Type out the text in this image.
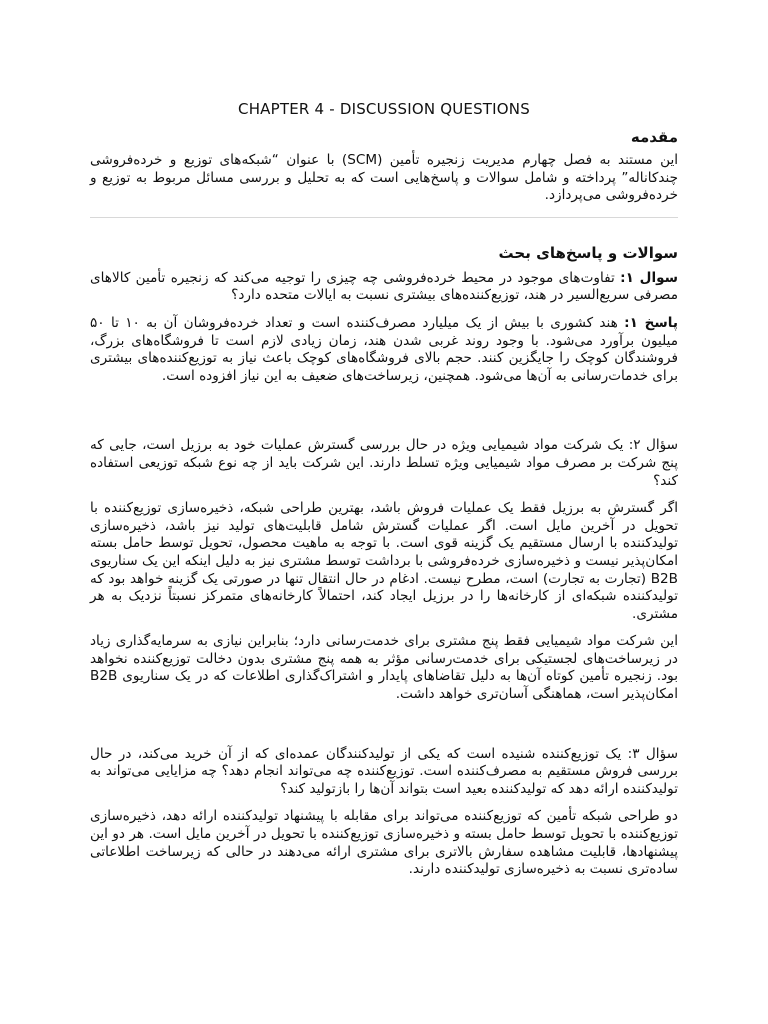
CHAPTER 4 - DISCUSSION QUESTIONS
مقدمه

این مستند به فصل چهارم مدیریت زنجیره تأمین (SCM) با عنوان “شبکه‌های توزیع و خرده‌فروشی چندکاناله” پرداخته و شامل سوالات و پاسخ‌هایی است که به تحلیل و بررسی مسائل مربوط به توزیع و خرده‌فروشی می‌پردازد.

سوالات و پاسخ‌های بحث

سوال ۱: تفاوت‌های موجود در محیط خرده‌فروشی چه چیزی را توجیه می‌کند که زنجیره تأمین کالاهای مصرفی سریع‌السیر در هند، توزیع‌کننده‌های بیشتری نسبت به ایالات متحده دارد؟

پاسخ ۱: هند کشوری با بیش از یک میلیارد مصرف‌کننده است و تعداد خرده‌فروشان آن به ۱۰ تا ۵۰ میلیون برآورد می‌شود. با وجود روند غربی شدن هند، زمان زیادی لازم است تا فروشگاه‌های بزرگ، فروشندگان کوچک را جایگزین کنند. حجم بالای فروشگاه‌های کوچک باعث نیاز به توزیع‌کننده‌های بیشتری برای خدمات‌رسانی به آن‌ها می‌شود. همچنین، زیرساخت‌های ضعیف به این نیاز افزوده است.

سؤال ۲: یک شرکت مواد شیمیایی ویژه در حال بررسی گسترش عملیات خود به برزیل است، جایی که پنج شرکت بر مصرف مواد شیمیایی ویژه تسلط دارند. این شرکت باید از چه نوع شبکه توزیعی استفاده کند؟

اگر گسترش به برزیل فقط یک عملیات فروش باشد، بهترین طراحی شبکه، ذخیره‌سازی توزیع‌کننده با تحویل در آخرین مایل است. اگر عملیات گسترش شامل قابلیت‌های تولید نیز باشد، ذخیره‌سازی تولیدکننده با ارسال مستقیم یک گزینه قوی است. با توجه به ماهیت محصول، تحویل توسط حامل بسته امکان‌پذیر نیست و ذخیره‌سازی خرده‌فروشی با برداشت توسط مشتری نیز به دلیل اینکه این یک سناریوی B2B (تجارت به تجارت) است، مطرح نیست. ادغام در حال انتقال تنها در صورتی یک گزینه خواهد بود که تولیدکننده شبکه‌ای از کارخانه‌ها را در برزیل ایجاد کند، احتمالاً کارخانه‌های متمرکز نسبتاً نزدیک به هر مشتری.

این شرکت مواد شیمیایی فقط پنج مشتری برای خدمت‌رسانی دارد؛ بنابراین نیازی به سرمایه‌گذاری زیاد در زیرساخت‌های لجستیکی برای خدمت‌رسانی مؤثر به همه پنج مشتری بدون دخالت توزیع‌کننده نخواهد بود. زنجیره تأمین کوتاه آن‌ها به دلیل تقاضاهای پایدار و اشتراک‌گذاری اطلاعات که در یک سناریوی B2B امکان‌پذیر است، هماهنگی آسان‌تری خواهد داشت.

سؤال ۳: یک توزیع‌کننده شنیده است که یکی از تولیدکنندگان عمده‌ای که از آن خرید می‌کند، در حال بررسی فروش مستقیم به مصرف‌کننده است. توزیع‌کننده چه می‌تواند انجام دهد؟ چه مزایایی می‌تواند به تولیدکننده ارائه دهد که تولیدکننده بعید است بتواند آن‌ها را بازتولید کند؟

دو طراحی شبکه تأمین که توزیع‌کننده می‌تواند برای مقابله با پیشنهاد تولیدکننده ارائه دهد، ذخیره‌سازی توزیع‌کننده با تحویل توسط حامل بسته و ذخیره‌سازی توزیع‌کننده با تحویل در آخرین مایل است. هر دو این پیشنهادها، قابلیت مشاهده سفارش بالاتری برای مشتری ارائه می‌دهند در حالی که زیرساخت اطلاعاتی ساده‌تری نسبت به ذخیره‌سازی تولیدکننده دارند.
